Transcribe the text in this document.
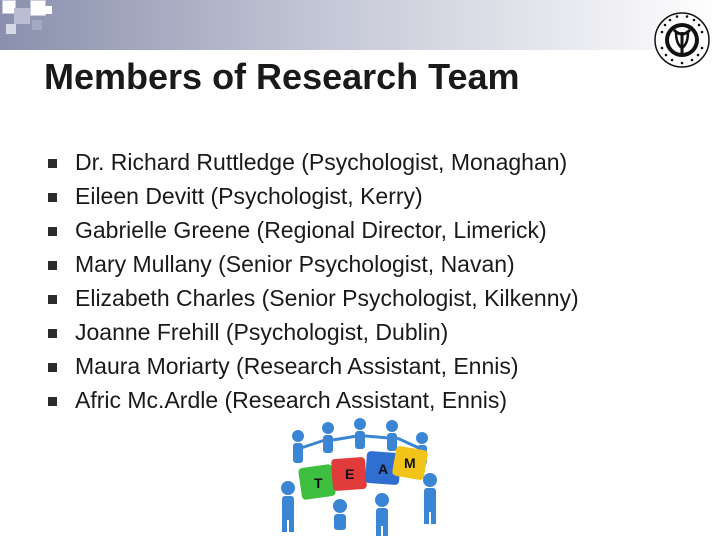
Members of Research Team
Dr. Richard Ruttledge (Psychologist, Monaghan)
Eileen Devitt (Psychologist, Kerry)
Gabrielle Greene (Regional Director, Limerick)
Mary Mullany (Senior Psychologist, Navan)
Elizabeth Charles (Senior Psychologist, Kilkenny)
Joanne Frehill (Psychologist, Dublin)
Maura Moriarty (Research Assistant, Ennis)
Afric Mc.Ardle (Research Assistant, Ennis)
T
E A M
